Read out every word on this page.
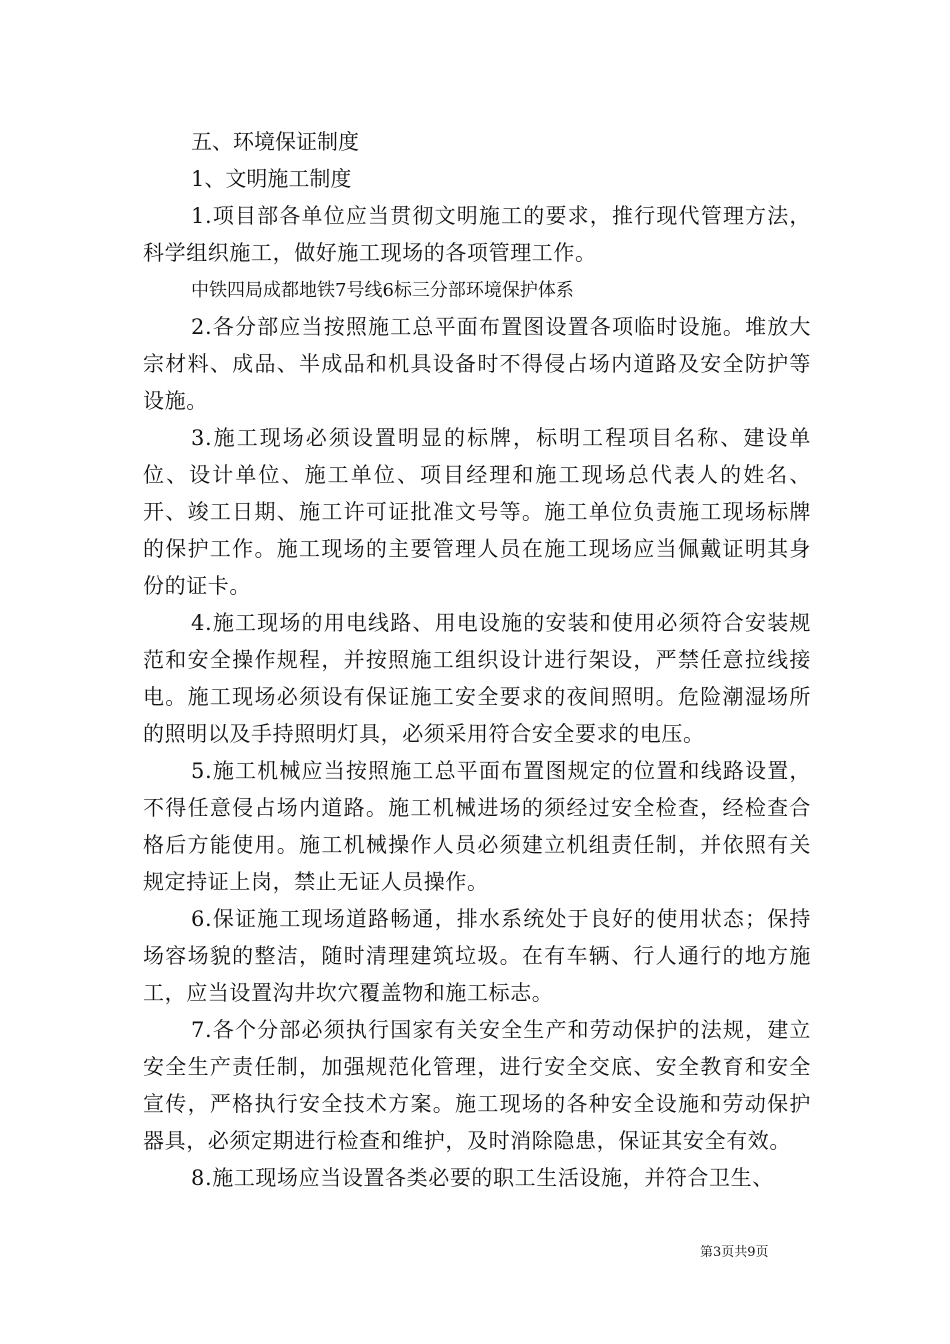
五、环境保证制度

1、文明施工制度

1.项目部各单位应当贯彻文明施工的要求，推行现代管理方法，科学组织施工，做好施工现场的各项管理工作。

中铁四局成都地铁7号线6标三分部环境保护体系

2.各分部应当按照施工总平面布置图设置各项临时设施。堆放大宗材料、成品、半成品和机具设备时不得侵占场内道路及安全防护等设施。

3.施工现场必须设置明显的标牌，标明工程项目名称、建设单位、设计单位、施工单位、项目经理和施工现场总代表人的姓名、开、竣工日期、施工许可证批准文号等。施工单位负责施工现场标牌的保护工作。施工现场的主要管理人员在施工现场应当佩戴证明其身份的证卡。

4.施工现场的用电线路、用电设施的安装和使用必须符合安装规范和安全操作规程，并按照施工组织设计进行架设，严禁任意拉线接电。施工现场必须设有保证施工安全要求的夜间照明。危险潮湿场所的照明以及手持照明灯具，必须采用符合安全要求的电压。

5.施工机械应当按照施工总平面布置图规定的位置和线路设置，不得任意侵占场内道路。施工机械进场的须经过安全检查，经检查合格后方能使用。施工机械操作人员必须建立机组责任制，并依照有关规定持证上岗，禁止无证人员操作。

6.保证施工现场道路畅通，排水系统处于良好的使用状态；保持场容场貌的整洁，随时清理建筑垃圾。在有车辆、行人通行的地方施工，应当设置沟井坎穴覆盖物和施工标志。

7.各个分部必须执行国家有关安全生产和劳动保护的法规，建立安全生产责任制，加强规范化管理，进行安全交底、安全教育和安全宣传，严格执行安全技术方案。施工现场的各种安全设施和劳动保护器具，必须定期进行检查和维护，及时消除隐患，保证其安全有效。

8.施工现场应当设置各类必要的职工生活设施，并符合卫生、

第3页共9页
